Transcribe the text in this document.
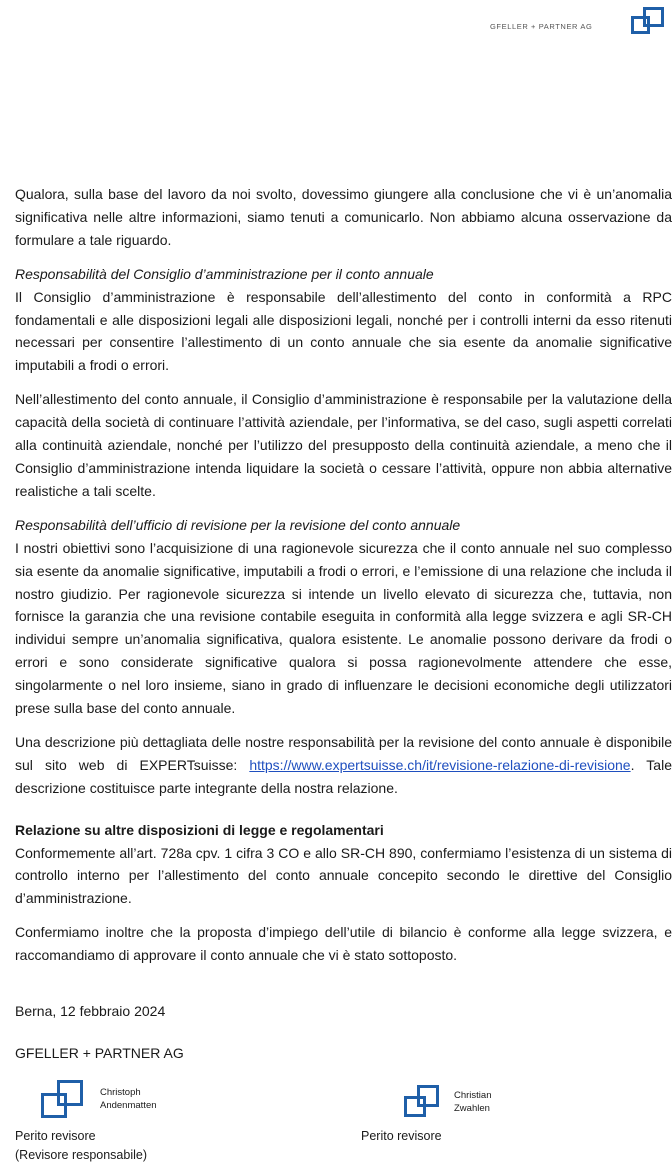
GFELLER + PARTNER AG

Qualora, sulla base del lavoro da noi svolto, dovessimo giungere alla conclusione che vi è un’anomalia significativa nelle altre informazioni, siamo tenuti a comunicarlo. Non abbiamo alcuna osservazione da formulare a tale riguardo.

Responsabilità del Consiglio d’amministrazione per il conto annuale

Il Consiglio d’amministrazione è responsabile dell’allestimento del conto in conformità a RPC fondamentali e alle disposizioni legali alle disposizioni legali, nonché per i controlli interni da esso ritenuti necessari per consentire l’allestimento di un conto annuale che sia esente da anomalie significative imputabili a frodi o errori.

Nell’allestimento del conto annuale, il Consiglio d’amministrazione è responsabile per la valutazione della capacità della società di continuare l’attività aziendale, per l’informativa, se del caso, sugli aspetti correlati alla continuità aziendale, nonché per l’utilizzo del presupposto della continuità aziendale, a meno che il Consiglio d’amministrazione intenda liquidare la società o cessare l’attività, oppure non abbia alternative realistiche a tali scelte.

Responsabilità dell’ufficio di revisione per la revisione del conto annuale

I nostri obiettivi sono l’acquisizione di una ragionevole sicurezza che il conto annuale nel suo complesso sia esente da anomalie significative, imputabili a frodi o errori, e l’emissione di una relazione che includa il nostro giudizio. Per ragionevole sicurezza si intende un livello elevato di sicurezza che, tuttavia, non fornisce la garanzia che una revisione contabile eseguita in conformità alla legge svizzera e agli SR-CH individui sempre un’anomalia significativa, qualora esistente. Le anomalie possono derivare da frodi o errori e sono considerate significative qualora si possa ragionevolmente attendere che esse, singolarmente o nel loro insieme, siano in grado di influenzare le decisioni economiche degli utilizzatori prese sulla base del conto annuale.

Una descrizione più dettagliata delle nostre responsabilità per la revisione del conto annuale è disponibile sul sito web di EXPERTsuisse: https://www.expertsuisse.ch/it/revisione-relazione-di-revisione. Tale descrizione costituisce parte integrante della nostra relazione.

Relazione su altre disposizioni di legge e regolamentari

Conformemente all’art. 728a cpv. 1 cifra 3 CO e allo SR-CH 890, confermiamo l’esistenza di un sistema di controllo interno per l’allestimento del conto annuale concepito secondo le direttive del Consiglio d’amministrazione.

Confermiamo inoltre che la proposta d’impiego dell’utile di bilancio è conforme alla legge svizzera, e raccomandiamo di approvare il conto annuale che vi è stato sottoposto.

Berna, 12 febbraio 2024
GFELLER + PARTNER AG
Christoph
Andenmatten
Perito revisore
(Revisore responsabile)
Christian
Zwahlen
Perito revisore
